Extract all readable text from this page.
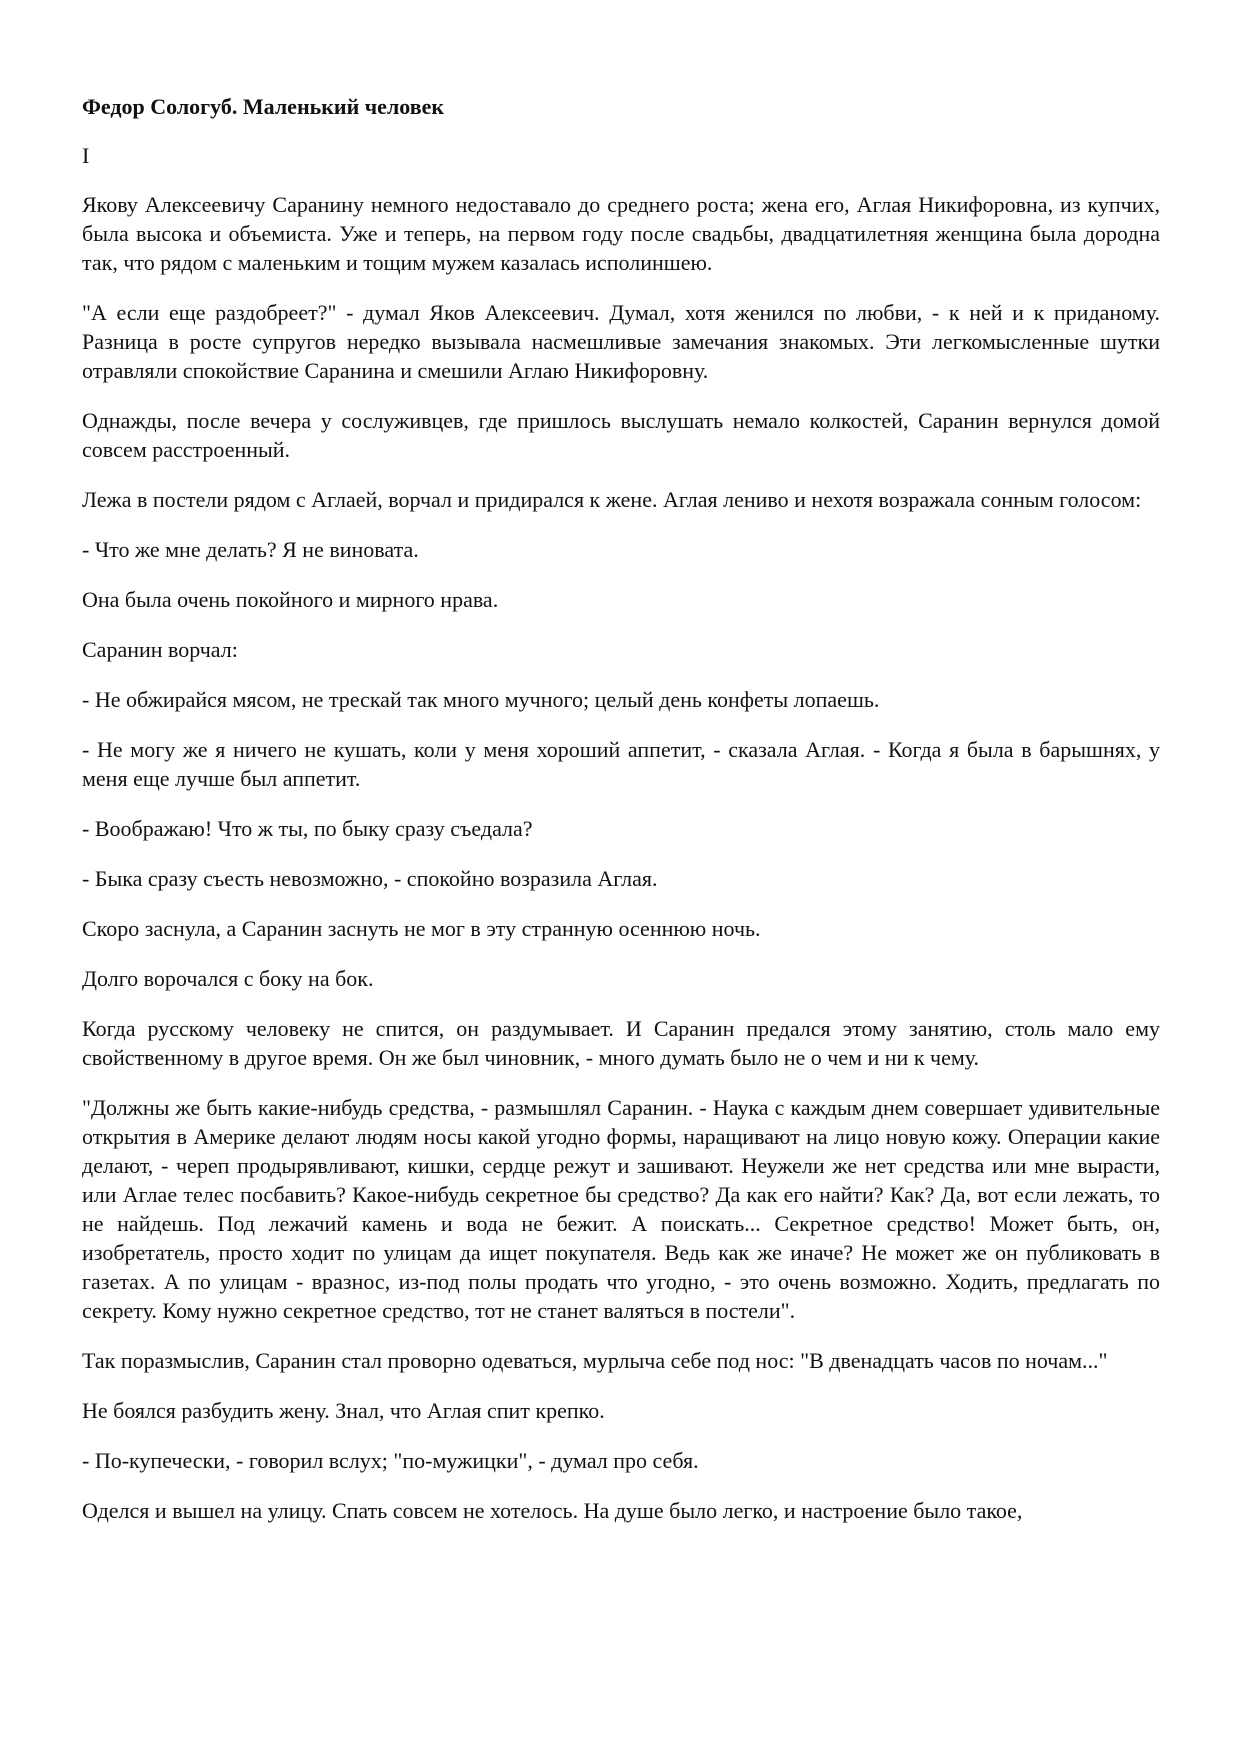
Федор Сологуб. Маленький человек
I

Якову Алексеевичу Саранину немного недоставало до среднего роста; жена его, Аглая Никифоровна, из купчих, была высока и объемиста. Уже и теперь, на первом году после свадьбы, двадцатилетняя женщина была дородна так, что рядом с маленьким и тощим мужем казалась исполиншею.

"А если еще раздобреет?" - думал Яков Алексеевич. Думал, хотя женился по любви, - к ней и к приданому. Разница в росте супругов нередко вызывала насмешливые замечания знакомых. Эти легкомысленные шутки отравляли спокойствие Саранина и смешили Аглаю Никифоровну.

Однажды, после вечера у сослуживцев, где пришлось выслушать немало колкостей, Саранин вернулся домой совсем расстроенный.

Лежа в постели рядом с Аглаей, ворчал и придирался к жене. Аглая лениво и нехотя возражала сонным голосом:

- Что же мне делать? Я не виновата.

Она была очень покойного и мирного нрава.

Саранин ворчал:

- Не обжирайся мясом, не трескай так много мучного; целый день конфеты лопаешь.

- Не могу же я ничего не кушать, коли у меня хороший аппетит, - сказала Аглая. - Когда я была в барышнях, у меня еще лучше был аппетит.

- Воображаю! Что ж ты, по быку сразу съедала?

- Быка сразу съесть невозможно, - спокойно возразила Аглая.

Скоро заснула, а Саранин заснуть не мог в эту странную осеннюю ночь.

Долго ворочался с боку на бок.

Когда русскому человеку не спится, он раздумывает. И Саранин предался этому занятию, столь мало ему свойственному в другое время. Он же был чиновник, - много думать было не о чем и ни к чему.

"Должны же быть какие-нибудь средства, - размышлял Саранин. - Наука с каждым днем совершает удивительные открытия в Америке делают людям носы какой угодно формы, наращивают на лицо новую кожу. Операции какие делают, - череп продырявливают, кишки, сердце режут и зашивают. Неужели же нет средства или мне вырасти, или Аглае телес посбавить? Какое-нибудь секретное бы средство? Да как его найти? Как? Да, вот если лежать, то не найдешь. Под лежачий камень и вода не бежит. А поискать... Секретное средство! Может быть, он, изобретатель, просто ходит по улицам да ищет покупателя. Ведь как же иначе? Не может же он публиковать в газетах. А по улицам - вразнос, из-под полы продать что угодно, - это очень возможно. Ходить, предлагать по секрету. Кому нужно секретное средство, тот не станет валяться в постели".

Так поразмыслив, Саранин стал проворно одеваться, мурлыча себе под нос: "В двенадцать часов по ночам..."

Не боялся разбудить жену. Знал, что Аглая спит крепко.

- По-купечески, - говорил вслух; "по-мужицки", - думал про себя.

Оделся и вышел на улицу. Спать совсем не хотелось. На душе было легко, и настроение было такое,
